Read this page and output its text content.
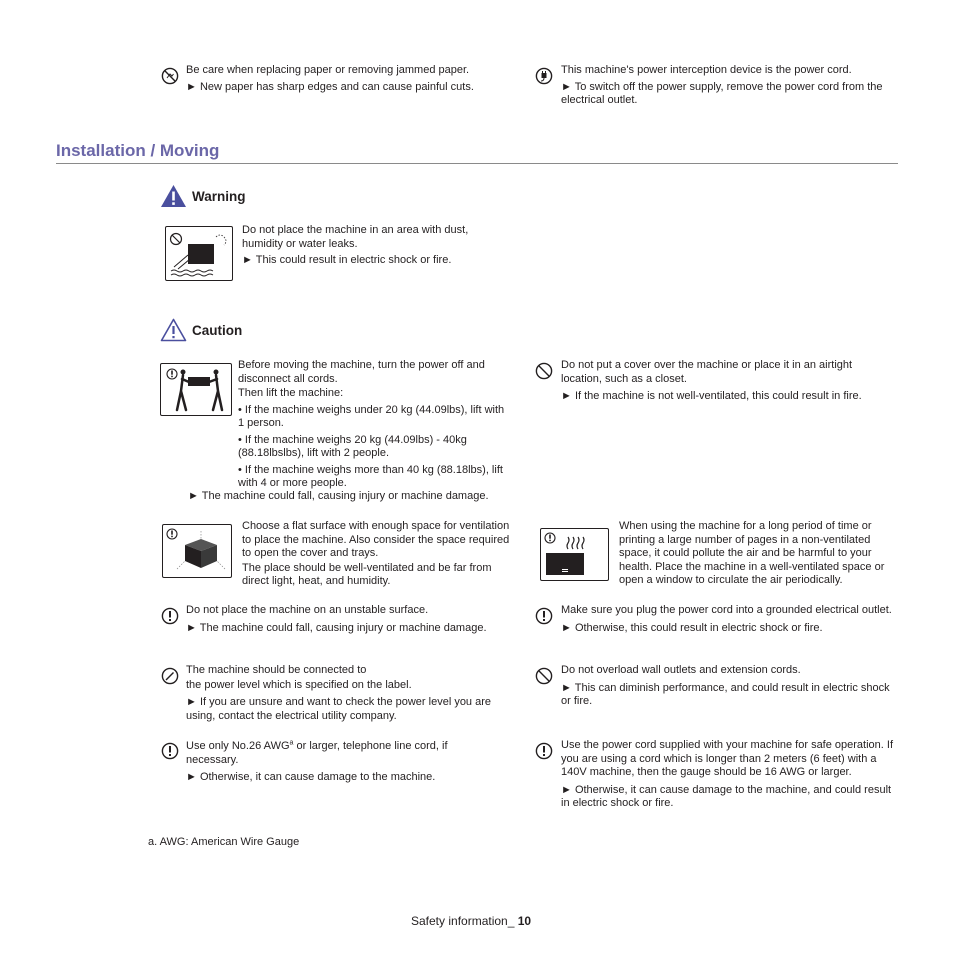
Be care when replacing paper or removing jammed paper.

► New paper has sharp edges and can cause painful cuts.

This machine's power interception device is the power cord.

► To switch off the power supply, remove the power cord from the electrical outlet.

Installation / Moving
Warning

Do not place the machine in an area with dust, humidity or water leaks.

► This could result in electric shock or fire.

Caution

Before moving the machine, turn the power off and disconnect all cords.

Then lift the machine:

• If the machine weighs under 20 kg (44.09lbs), lift with 1 person.

• If the machine weighs 20 kg (44.09lbs) - 40kg (88.18lbslbs), lift with 2 people.

• If the machine weighs more than 40 kg (88.18lbs), lift with 4 or more people.

► The machine could fall, causing injury or machine damage.

Do not put a cover over the machine or place it in an airtight location, such as a closet.

► If the machine is not well-ventilated, this could result in fire.

Choose a flat surface with enough space for ventilation to place the machine. Also consider the space required to open the cover and trays.

The place should be well-ventilated and be far from direct light, heat, and humidity.

When using the machine for a long period of time or printing a large number of pages in a non-ventilated space, it could pollute the air and be harmful to your health. Place the machine in a well-ventilated space or open a window to circulate the air periodically.

Do not place the machine on an unstable surface.

► The machine could fall, causing injury or machine damage.

Make sure you plug the power cord into a grounded electrical outlet.

► Otherwise, this could result in electric shock or fire.

The machine should be connected to

the power level which is specified on the label.

► If you are unsure and want to check the power level you are using, contact the electrical utility company.

Do not overload wall outlets and extension cords.

► This can diminish performance, and could result in electric shock or fire.

Use only No.26 AWG$^a$ or larger, telephone line cord, if necessary.

► Otherwise, it can cause damage to the machine.

Use the power cord supplied with your machine for safe operation. If you are using a cord which is longer than 2 meters (6 feet) with a 140V machine, then the gauge should be 16 AWG or larger.

► Otherwise, it can cause damage to the machine, and could result in electric shock or fire.

a. AWG: American Wire Gauge
Safety information_ 10
